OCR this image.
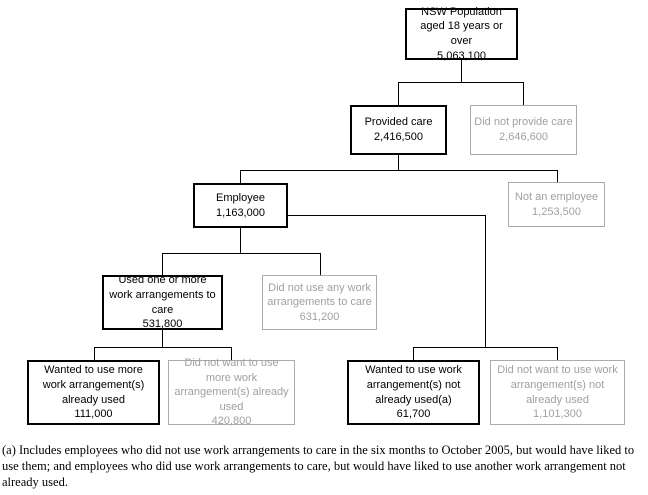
NSW Population aged 18 years or over
5,063,100
Provided care
2,416,500
Did not provide care
2,646,600
Employee
1,163,000
Not an employee
1,253,500
Used one or more work arrangements to care
531,800
Did not use any work arrangements to care
631,200
Wanted to use more work arrangement(s) already used
111,000
Did not want to use more work arrangement(s) already used
420,800
Wanted to use work arrangement(s) not already used(a)
61,700
Did not want to use work arrangement(s) not already used
1,101,300
(a) Includes employees who did not use work arrangements to care in the six months to October 2005, but would have liked to use them; and employees who did use work arrangements to care, but would have liked to use another work arrangement not already used.
